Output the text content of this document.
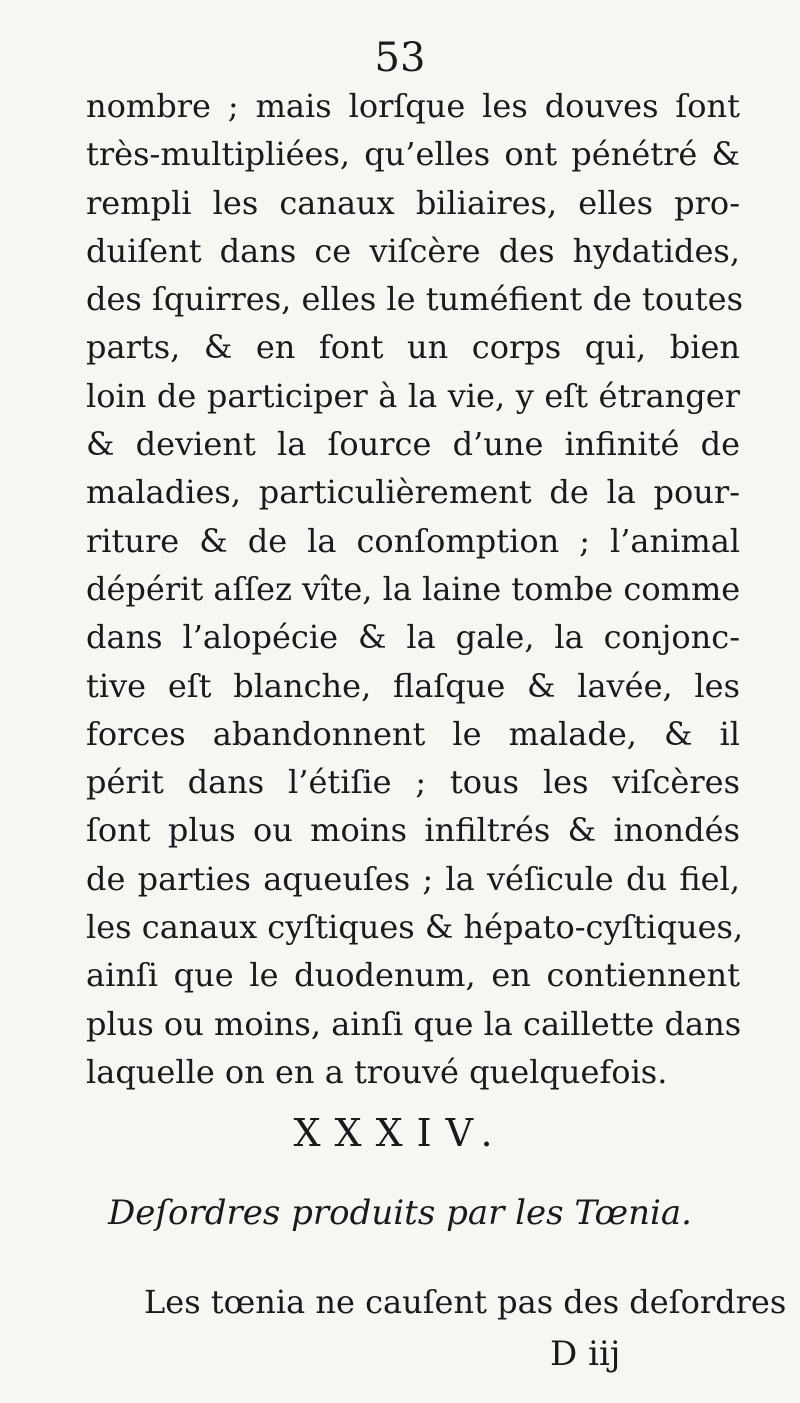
53
nombre ; mais lorſque les douves ſont
très-multipliées, qu’elles ont pénétré &
rempli les canaux biliaires, elles pro-
duiſent dans ce viſcère des hydatides,
des ſquirres, elles le tuméfient de toutes
parts, & en font un corps qui, bien
loin de participer à la vie, y eſt étranger
& devient la ſource d’une infinité de
maladies, particulièrement de la pour-
riture & de la conſomption ; l’animal
dépérit aſſez vîte, la laine tombe comme
dans l’alopécie & la gale, la conjonc-
tive eſt blanche, flaſque & lavée, les
forces abandonnent le malade, & il
périt dans l’étiſie ; tous les viſcères
ſont plus ou moins infiltrés & inondés
de parties aqueuſes ; la véſicule du fiel,
les canaux cyſtiques & hépato-cyſtiques,
ainſi que le duodenum, en contiennent
plus ou moins, ainſi que la caillette dans
laquelle on en a trouvé quelquefois.
XXXIV.
Deſordres produits par les Tœnia.
Les tœnia ne cauſent pas des deſordres
D iij
